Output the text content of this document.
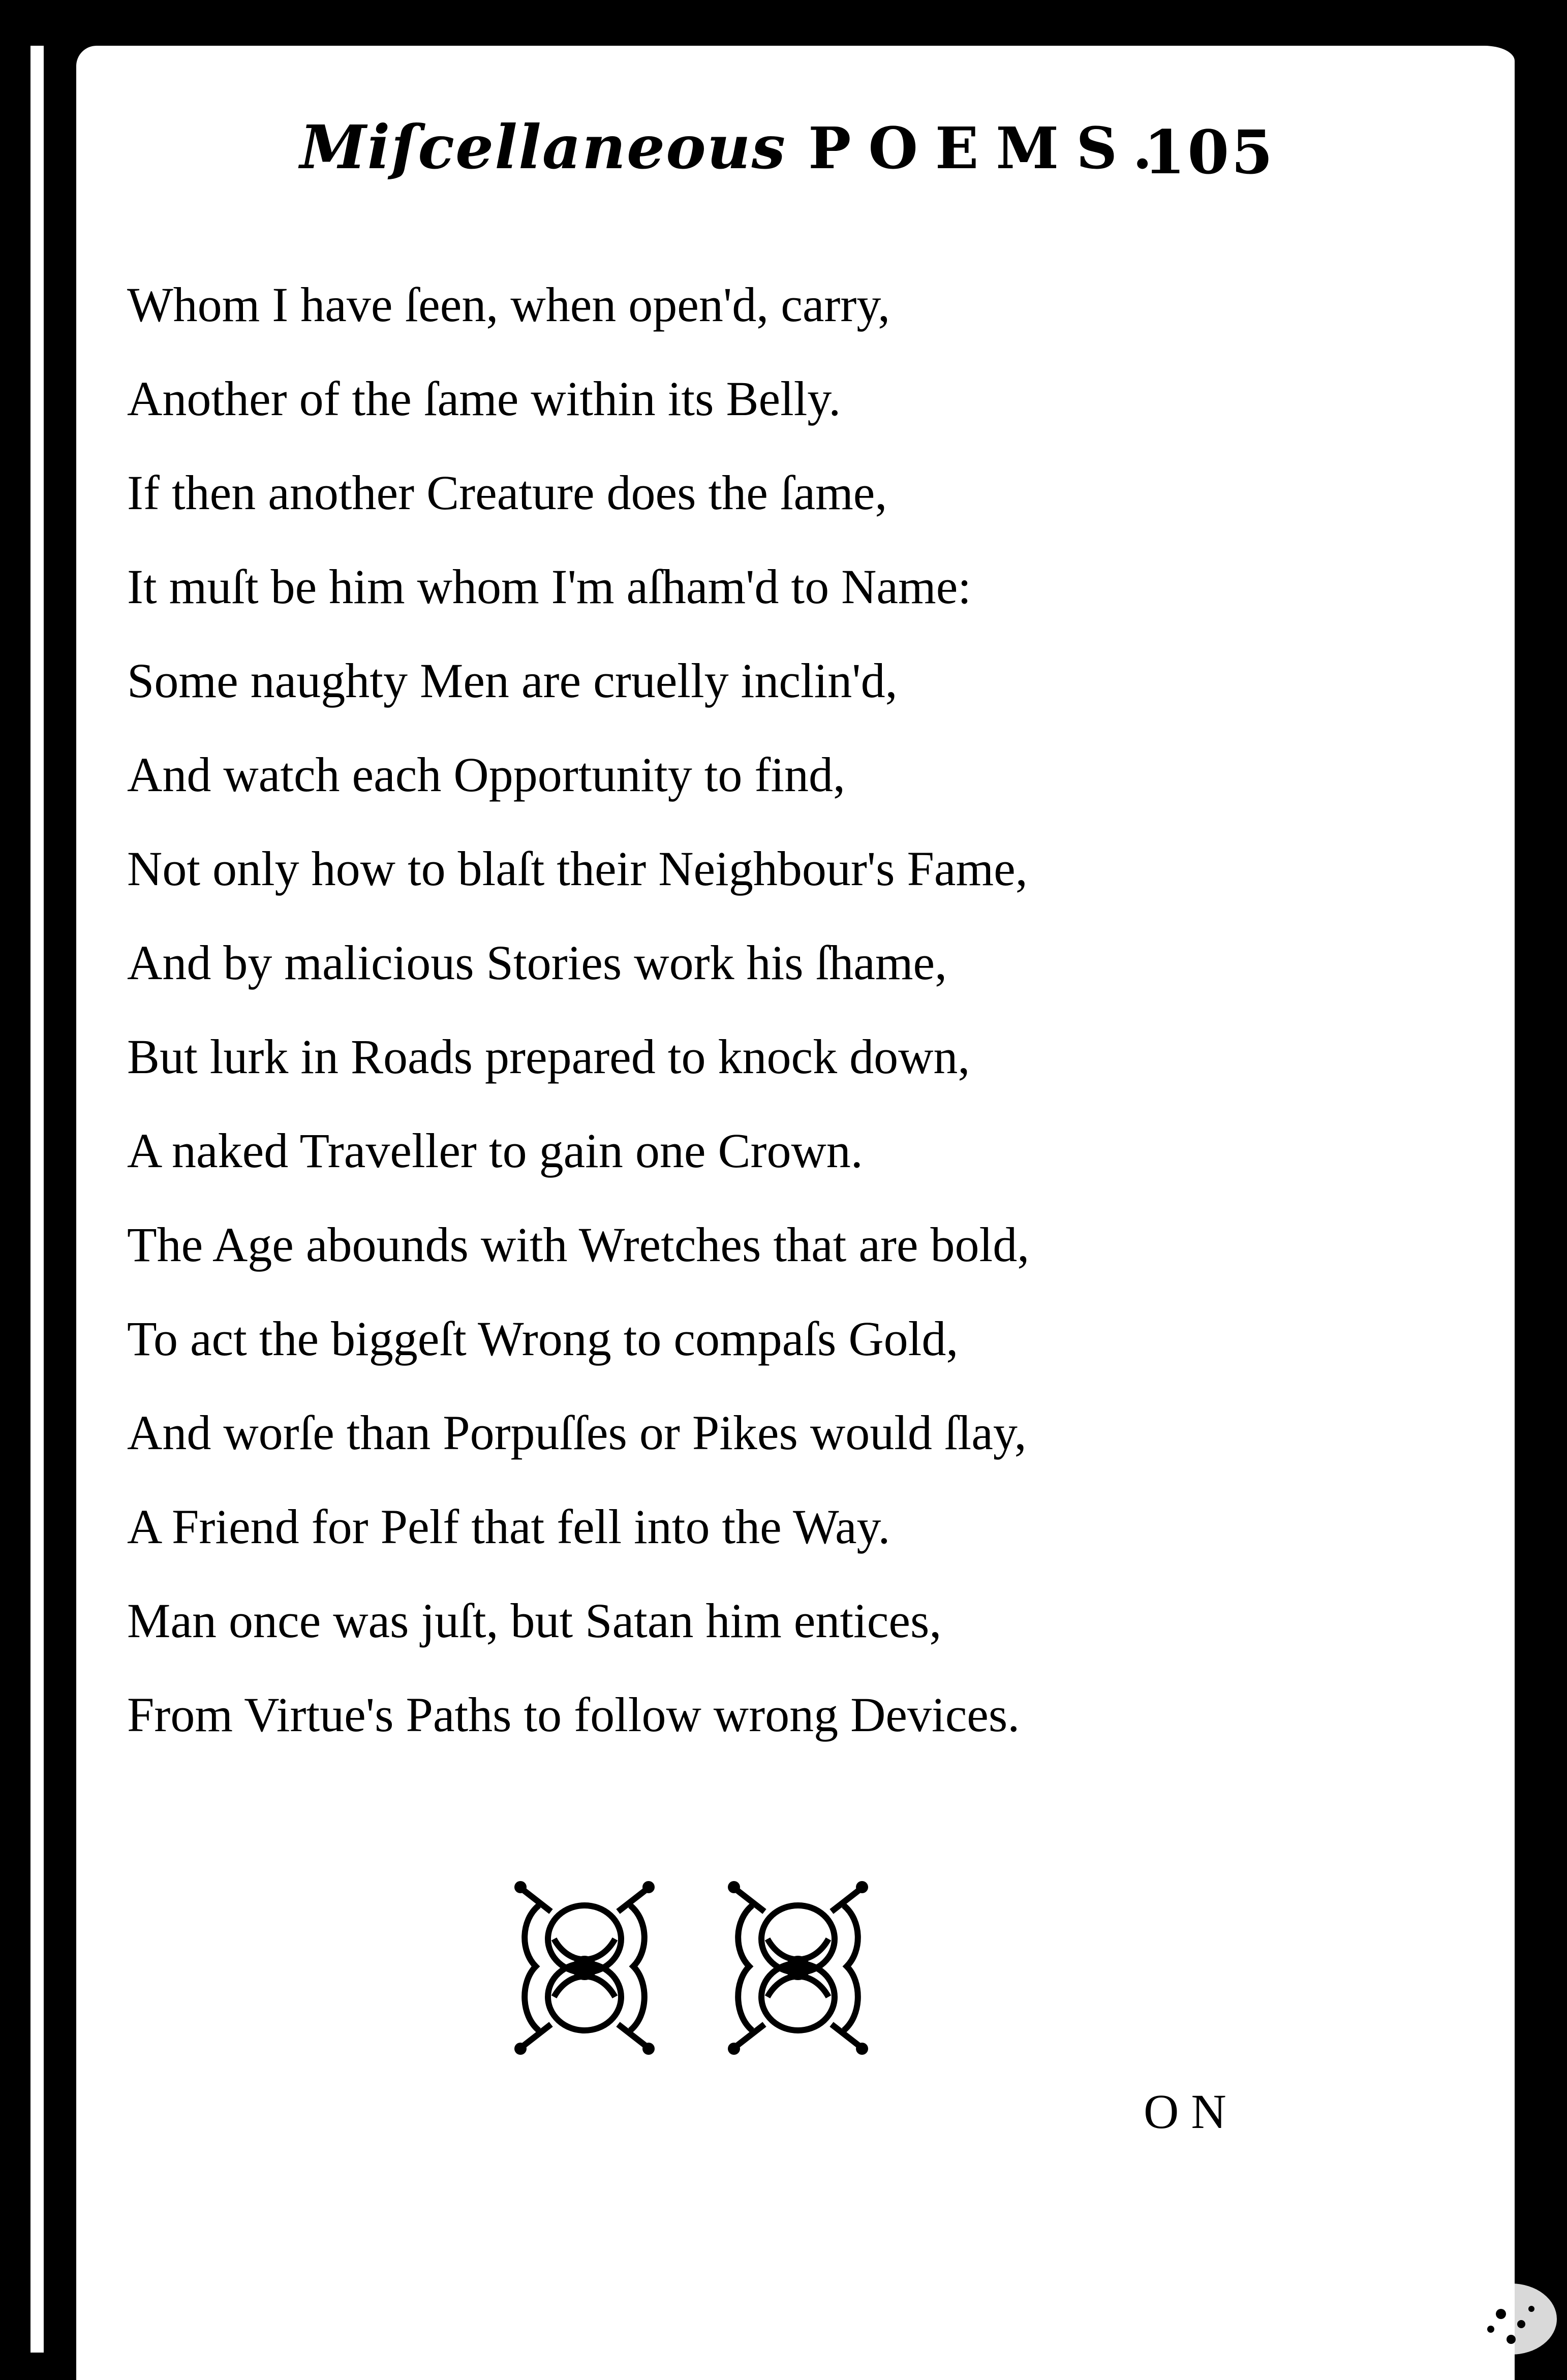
Miſcellaneous POEMS.
105
Whom I have ſeen, when open'd, carry,
Another of the ſame within its Belly.
If then another Creature does the ſame,
It muſt be him whom I'm aſham'd to Name:
Some naughty Men are cruelly inclin'd,
And watch each Opportunity to find,
Not only how to blaſt their Neighbour's Fame,
And by malicious Stories work his ſhame,
But lurk in Roads prepared to knock down,
A naked Traveller to gain one Crown.
The Age abounds with Wretches that are bold,
To act the biggeſt Wrong to compaſs Gold,
And worſe than Porpuſſes or Pikes would ſlay,
A Friend for Pelf that fell into the Way.
Man once was juſt, but Satan him entices,
From Virtue's Paths to follow wrong Devices.
ON
